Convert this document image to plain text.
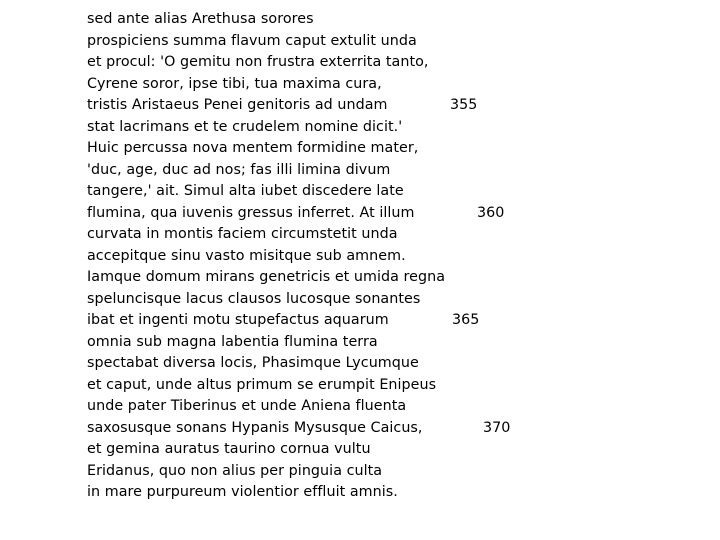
sed ante alias Arethusa sorores
prospiciens summa flavum caput extulit unda
et procul: 'O gemitu non frustra exterrita tanto,
Cyrene soror, ipse tibi, tua maxima cura,
tristis Aristaeus Penei genitoris ad undam	355
stat lacrimans et te crudelem nomine dicit.'
Huic percussa nova mentem formidine mater,
'duc, age, duc ad nos; fas illi limina divum
tangere,' ait. Simul alta iubet discedere late
flumina, qua iuvenis gressus inferret. At illum	360
curvata in montis faciem circumstetit unda
accepitque sinu vasto misitque sub amnem.
Iamque domum mirans genetricis et umida regna
speluncisque lacus clausos lucosque sonantes
ibat et ingenti motu stupefactus aquarum	365
omnia sub magna labentia flumina terra
spectabat diversa locis, Phasimque Lycumque
et caput, unde altus primum se erumpit Enipeus
unde pater Tiberinus et unde Aniena fluenta
saxosusque sonans Hypanis Mysusque Caicus,	370
et gemina auratus taurino cornua vultu
Eridanus, quo non alius per pinguia culta
in mare purpureum violentior effluit amnis.
